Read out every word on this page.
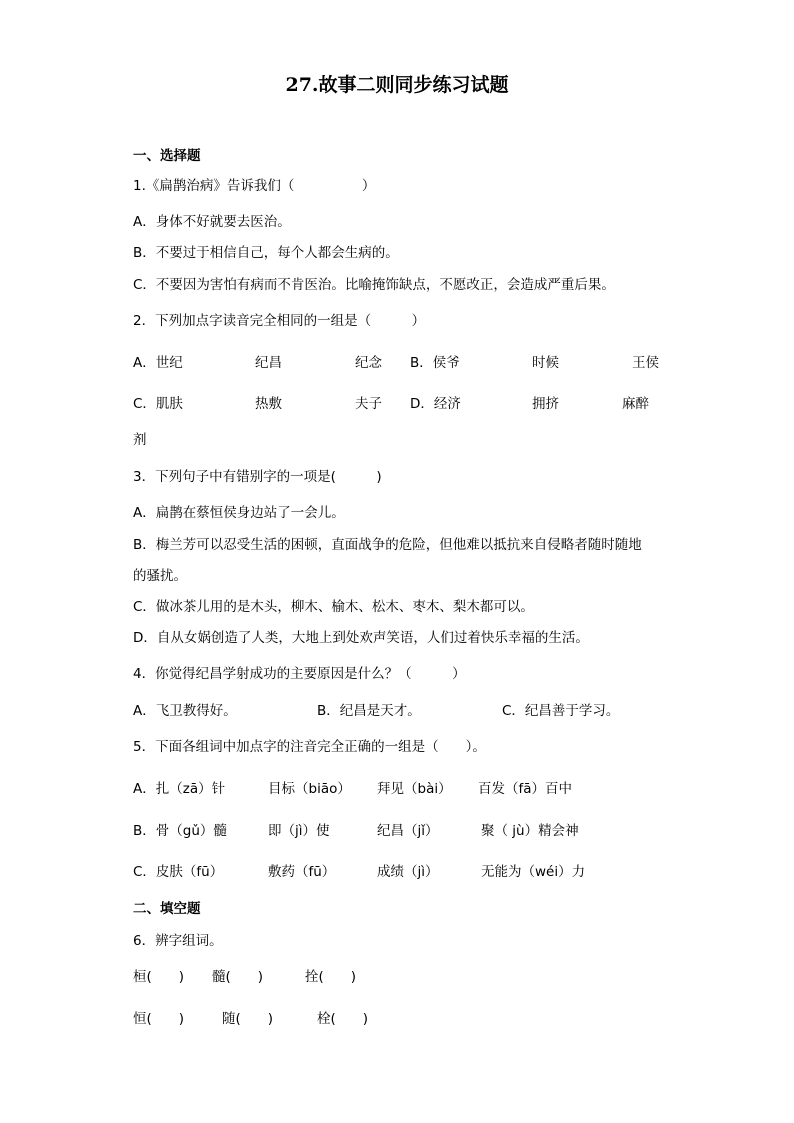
27.故事二则同步练习试题
一、选择题
1.《扁鹊治病》告诉我们（　　　　　）
A．身体不好就要去医治。
B．不要过于相信自己，每个人都会生病的。
C．不要因为害怕有病而不肯医治。比喻掩饰缺点，不愿改正，会造成严重后果。
2．下列加点字读音完全相同的一组是（　　　）
A．世纪	纪昌	纪念 B．侯爷	时候	王侯
C．肌肤	热敷	夫子 D．经济	拥挤	麻醉
剂
3．下列句子中有错别字的一项是(　　　)
A．扁鹊在蔡恒侯身边站了一会儿。
B．梅兰芳可以忍受生活的困顿，直面战争的危险，但他难以抵抗来自侵略者随时随地
的骚扰。
C．做冰茶儿用的是木头，柳木、榆木、松木、枣木、梨木都可以。
D．自从女娲创造了人类，大地上到处欢声笑语，人们过着快乐幸福的生活。
4．你觉得纪昌学射成功的主要原因是什么？（　　　）
A．飞卫教得好。	B．纪昌是天才。	C．纪昌善于学习。
5．下面各组词中加点字的注音完全正确的一组是（　　）。
A．扎（zā）针	目标（biāo） 拜见（bài） 百发（fā）百中
B．骨（gǔ）髓	即（jì）使	纪昌（jǐ）	聚（ jù）精会神
C．皮肤（fū）	敷药（fū）	成绩（jì）	无能为（wéi）力
二、填空题
6．辨字组词。
桓(　　) 髓(　　)	拴(　　)
恒(　　)	随(　　)	栓(　　)
